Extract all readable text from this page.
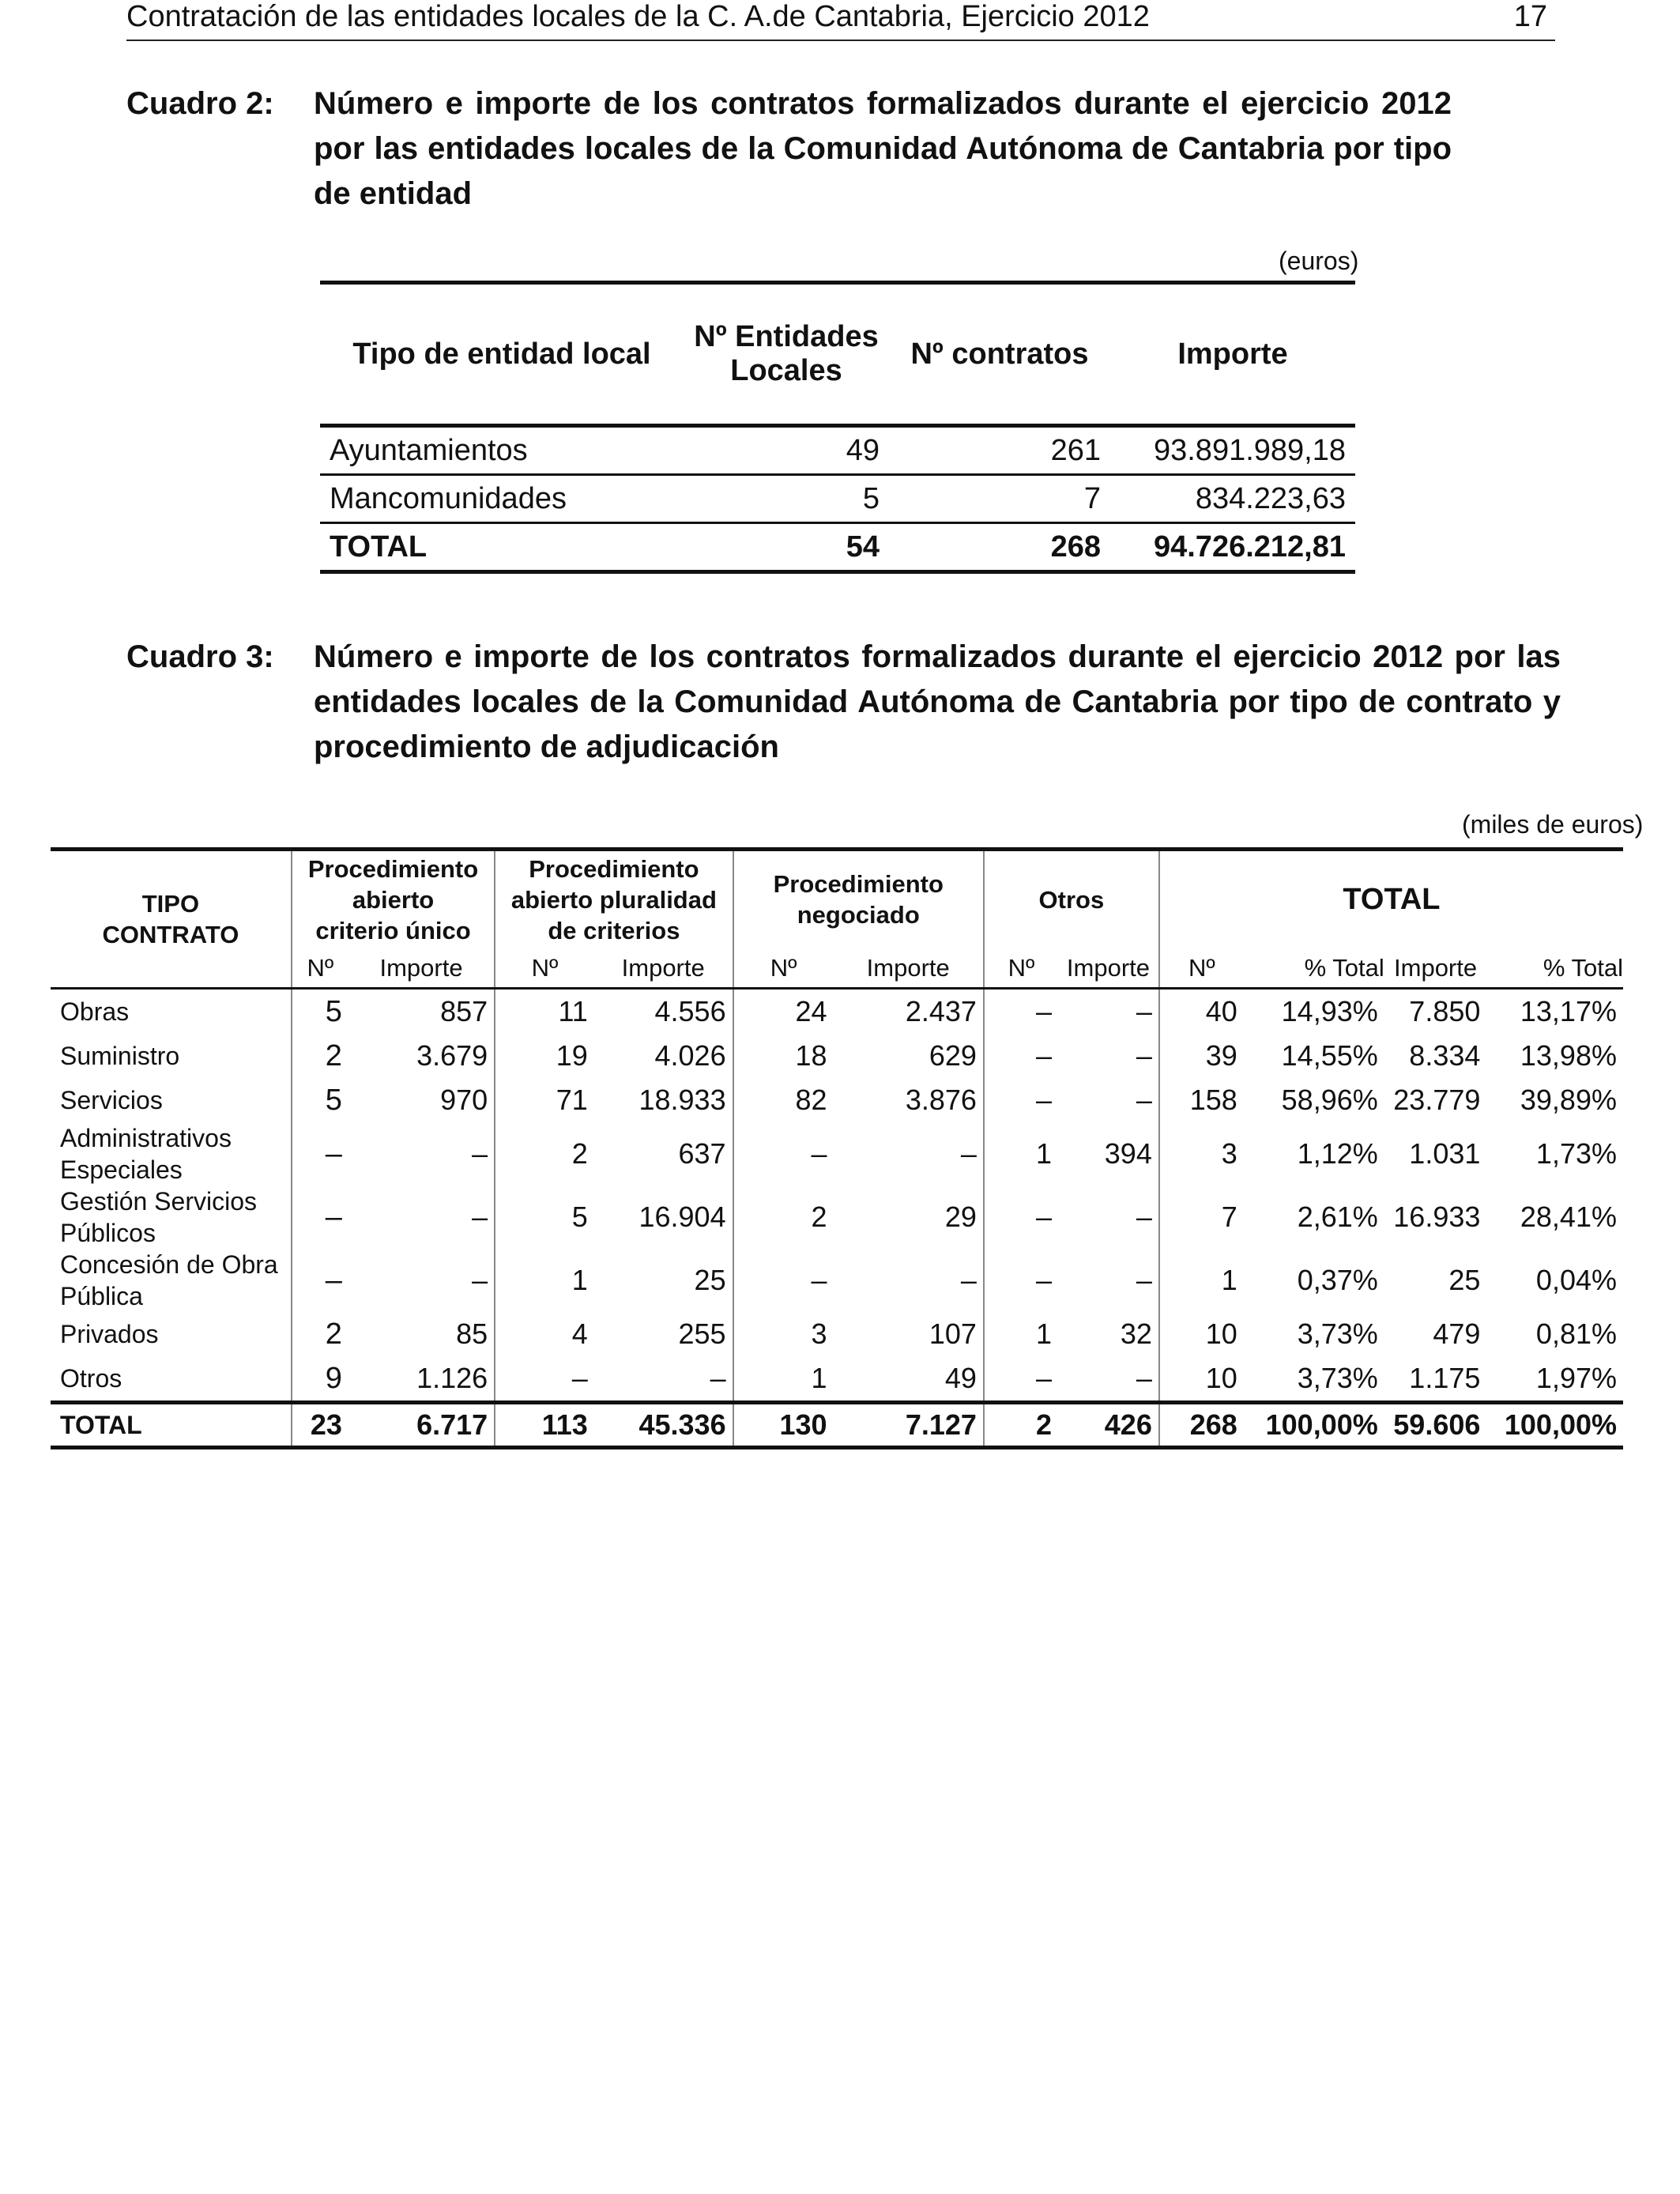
Contratación de las entidades locales de la C. A.de Cantabria, Ejercicio 2012	17
Cuadro 2: Número e importe de los contratos formalizados durante el ejercicio 2012 por las entidades locales de la Comunidad Autónoma de Cantabria por tipo de entidad
(euros)
Tipo de entidad local	Nº Entidades Locales	Nº contratos	Importe
Ayuntamientos	49	261	93.891.989,18
Mancomunidades	5	7	834.223,63
TOTAL	54	268	94.726.212,81
Cuadro 3: Número e importe de los contratos formalizados durante el ejercicio 2012 por las entidades locales de la Comunidad Autónoma de Cantabria por tipo de contrato y procedimiento de adjudicación
(miles de euros)
TIPO CONTRATO	Procedimiento abierto criterio único		Procedimiento abierto pluralidad de criterios		Procedimiento negociado		Otros		TOTAL			
	Nº	Importe	Nº	Importe	Nº	Importe	Nº	Importe	Nº	% Total	Importe	% Total
Obras	5	857	11	4.556	24	2.437	–	–	40	14,93%	7.850	13,17%
Suministro	2	3.679	19	4.026	18	629	–	–	39	14,55%	8.334	13,98%
Servicios	5	970	71	18.933	82	3.876	–	–	158	58,96%	23.779	39,89%
Administrativos Especiales	–	–	2	637	–	–	1	394	3	1,12%	1.031	1,73%
Gestión Servicios Públicos	–	–	5	16.904	2	29	–	–	7	2,61%	16.933	28,41%
Concesión de Obra Pública	–	–	1	25	–	–	–	–	1	0,37%	25	0,04%
Privados	2	85	4	255	3	107	1	32	10	3,73%	479	0,81%
Otros	9	1.126	–	–	1	49	–	–	10	3,73%	1.175	1,97%
TOTAL	23	6.717	113	45.336	130	7.127	2	426	268	100,00%	59.606	100,00%
